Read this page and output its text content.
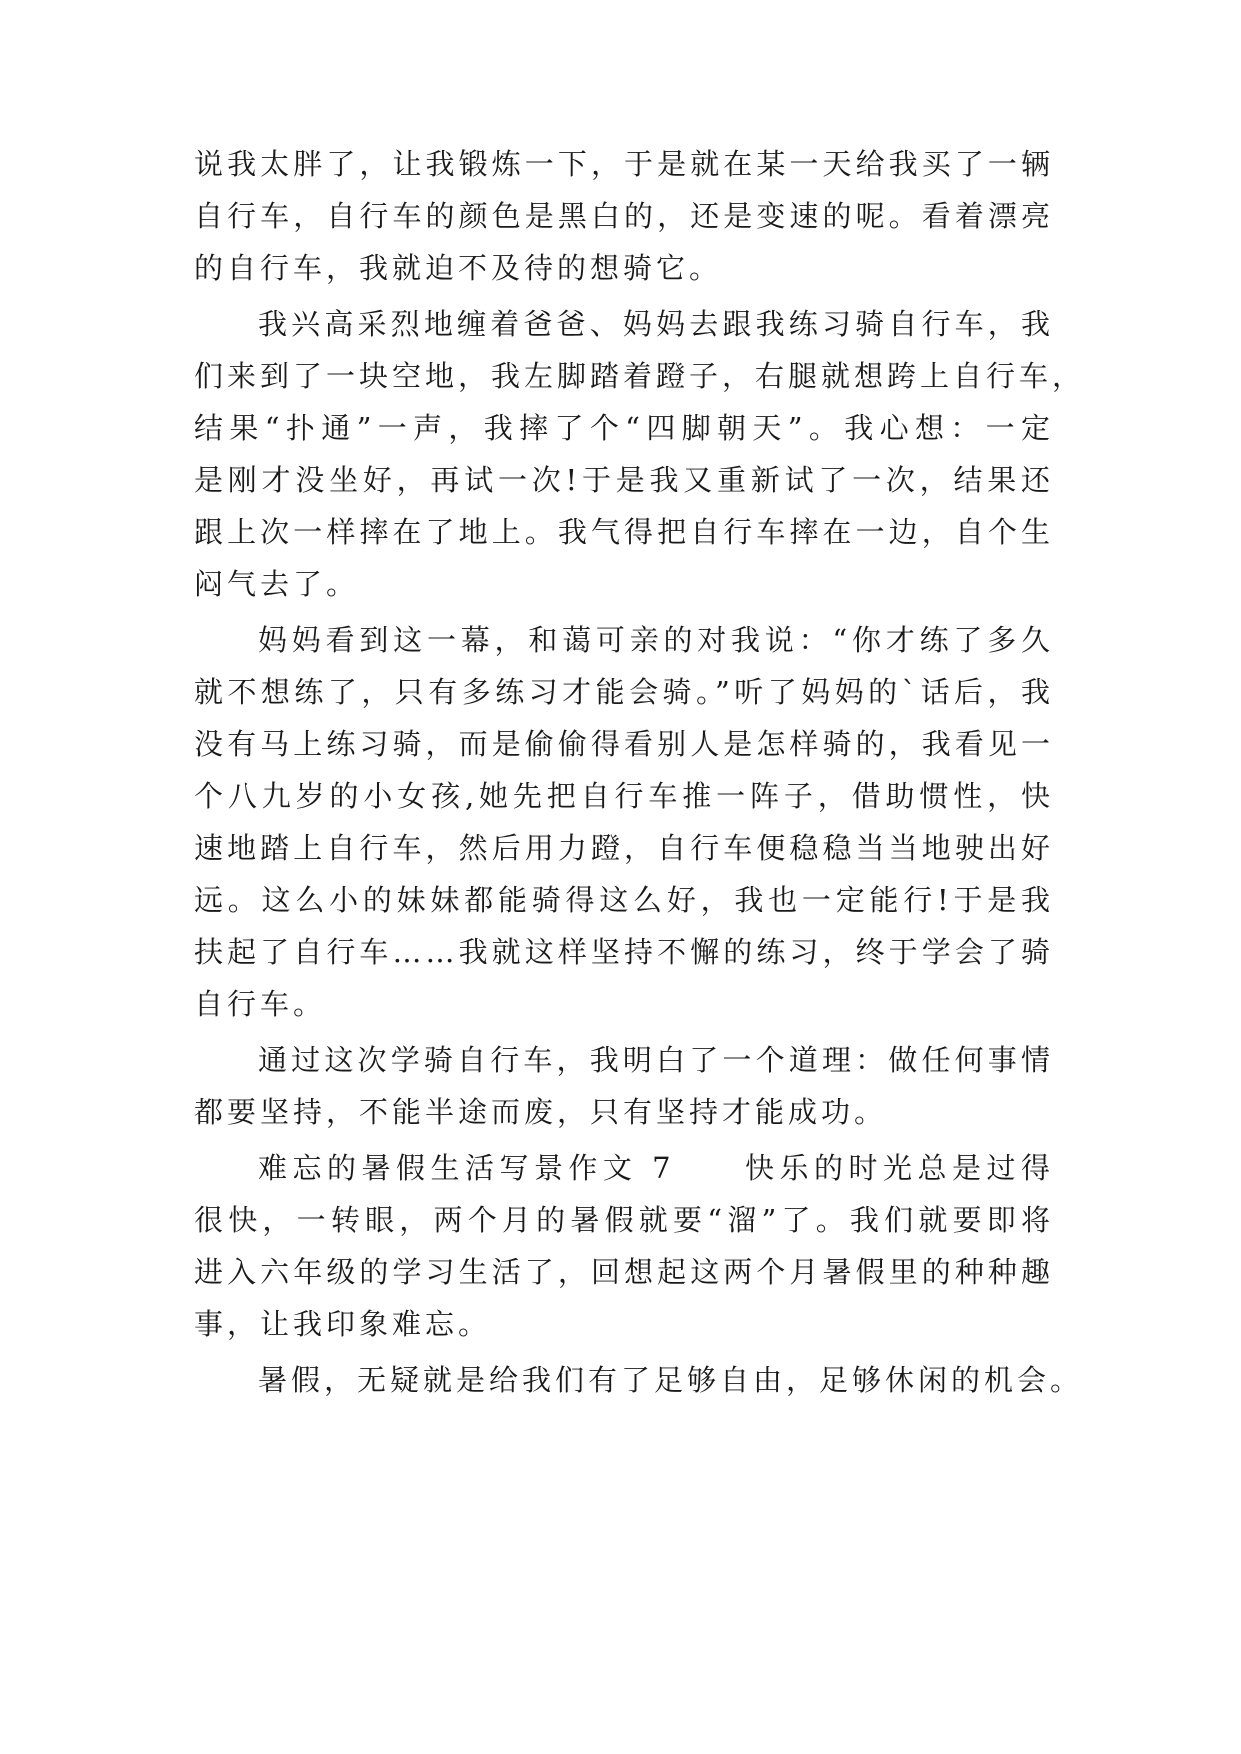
说我太胖了，让我锻炼一下，于是就在某一天给我买了一辆
自行车，自行车的颜色是黑白的，还是变速的呢。看着漂亮
的自行车，我就迫不及待的想骑它。
我兴高采烈地缠着爸爸、妈妈去跟我练习骑自行车，我
们来到了一块空地，我左脚踏着蹬子，右腿就想跨上自行车，
结果“扑通”一声，我摔了个“四脚朝天”。我心想：一定
是刚才没坐好，再试一次!于是我又重新试了一次，结果还
跟上次一样摔在了地上。我气得把自行车摔在一边，自个生
闷气去了。
妈妈看到这一幕，和蔼可亲的对我说：“你才练了多久
就不想练了，只有多练习才能会骑。”听了妈妈的`话后，我
没有马上练习骑，而是偷偷得看别人是怎样骑的，我看见一
个八九岁的小女孩,她先把自行车推一阵子，借助惯性，快
速地踏上自行车，然后用力蹬，自行车便稳稳当当地驶出好
远。这么小的妹妹都能骑得这么好，我也一定能行!于是我
扶起了自行车……我就这样坚持不懈的练习，终于学会了骑
自行车。
通过这次学骑自行车，我明白了一个道理：做任何事情
都要坚持，不能半途而废，只有坚持才能成功。
难忘的暑假生活写景作文 7　　快乐的时光总是过得
很快，一转眼，两个月的暑假就要“溜”了。我们就要即将
进入六年级的学习生活了，回想起这两个月暑假里的种种趣
事，让我印象难忘。
暑假，无疑就是给我们有了足够自由，足够休闲的机会。
